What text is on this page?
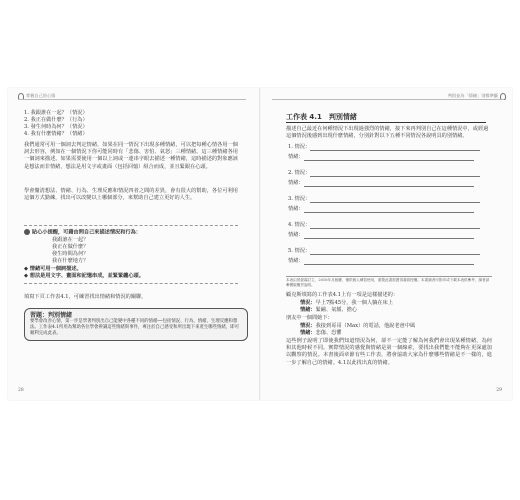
掌握自己的心情
1. 我跟誰在一起？（情況）
2. 我正在做什麼？（行為）
3. 發生何時為何？（情況）
4. 我有什麼情緒？（情緒）
我們通常可用一個詞去判定情緒，如果在同一情況下出現多種情緒，可以把每種心情各用一個詞去形容，例如在一個情況下你可能同時有「悲傷、害怕、氣怒」三種情緒。這三種情緒各用一個詞來描述。如果需要使用一個以上詞或一連串字眼去描述一種情緒，這時描述的對象應該是想法而非情緒，想法是用文字或畫面（包括回憶）組合而成，並且緊跟在心頭。
學會釐清想法、情緒、行為、生理反應和情況四者之間的差異，會有很大的幫助，各位可利用這個方式勤練，找出可以改變以上哪個部分，來幫助自己建立更好的人生。
貼心小提醒，可藉由問自己來描述情況和行為：
我跟誰在一起？
我正在做什麼？
發生時間為何？
我在什麼地方？
◆ 情緒可用一個詞描述。
◆ 想法是用文字、畫面和記憶串成，並緊緊纏心頭。
填寫下頁工作表4.1，可練習找出情緒和情況的關聯。
習題：判別情緒
要學會改善心情，第一步是學著判別出自己能變中各種不同的情緒──包括情況、行為、情緒、生理反應和想法。工作表4.1所用為幫助各位學會辨識這些情緒與事件，專注於自己感受和所出現下來產生哪些情緒，即可順利完成此表。
28
判別並為「情緒」別標準籤
工作表 4.1　判別情緒
描述自己最近在何種情況下出現過強烈的情緒，接下來再判別自己在這種情況中，或經過這個情況後感到出現什麼情緒，分別針對以下五種不同情況各說明具的別情緒。
1. 情況：
情緒：
2. 情況：
情緒：
3. 情況：
情緒：
4. 情況：
情緒：
5. 情況：
情緒：
本表由蔡晏霖訂立，2016年月版權，僅供個人練習使用，重製此書需獲得書面授權。本書讀者可影印或下載本表供參考，讀者請參閱版權頁說明。
顧克斯填寫的工作表4.1上有一項是這樣描述的：
情況：早上7點45分，我一個人躺在床上
情緒：緊繃、氣餒、擔心
朋友中一個問她下：
情況：我接到哥哥（Max）的電話，他說老爸中風
情緒：悲傷、恐懼
這些例子說明了即使我們知道情況為何，卻不一定能了解為何我們會出現某種情緒，為何和其他時候不同。實際情況的感覺與情緒是第一個線索，要找出我們能不能夠在更深處加以觀察的情況。本書後面章節有些工作表，將會協助大家為什麼哪些情緒是不一樣的，進一步了解自己的情緒。4.1以此找出真的情緒。
29
